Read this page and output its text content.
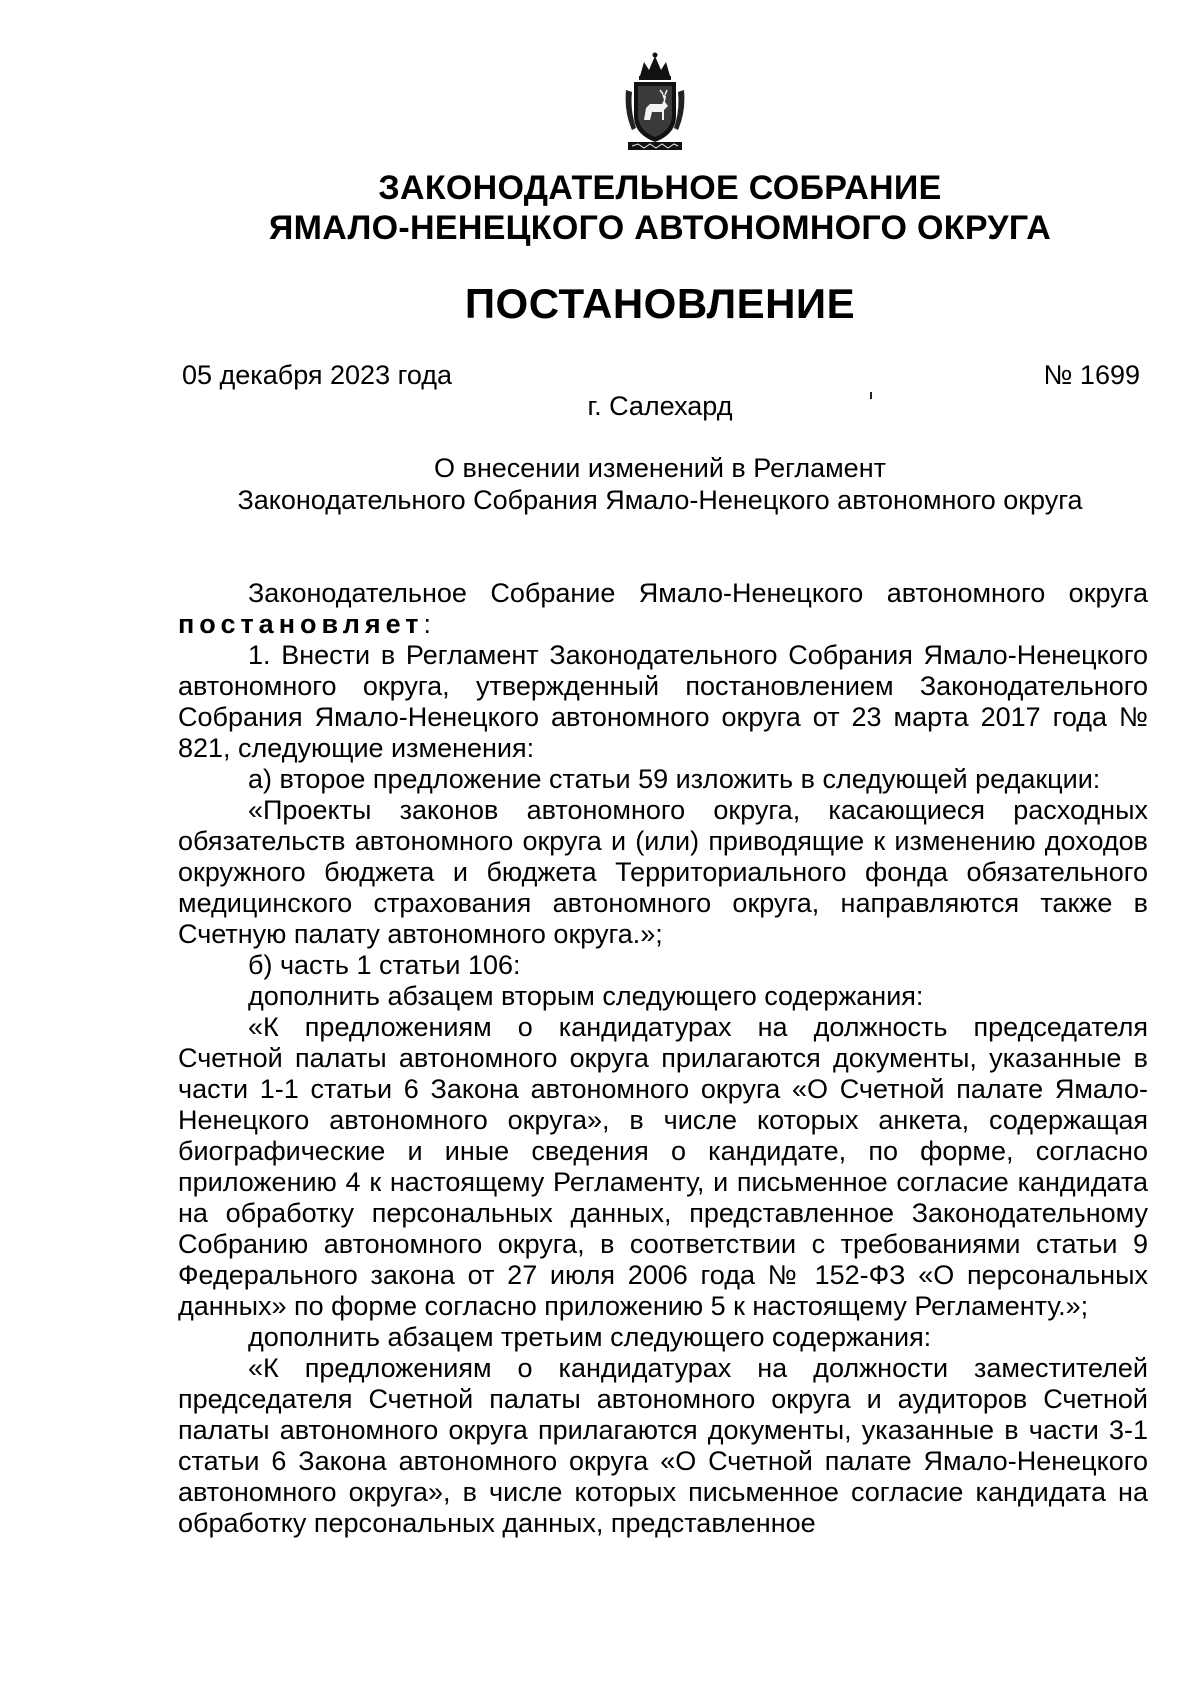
ЗАКОНОДАТЕЛЬНОЕ СОБРАНИЕ
ЯМАЛО-НЕНЕЦКОГО АВТОНОМНОГО ОКРУГА
ПОСТАНОВЛЕНИЕ
05 декабря 2023 года	№ 1699
г. Салехард
О внесении изменений в Регламент
Законодательного Собрания Ямало-Ненецкого автономного округа

Законодательное Собрание Ямало-Ненецкого автономного округа постановляет:

1. Внести в Регламент Законодательного Собрания Ямало-Ненецкого автономного округа, утвержденный постановлением Законодательного Собрания Ямало-Ненецкого автономного округа от 23 марта 2017 года № 821, следующие изменения:

а) второе предложение статьи 59 изложить в следующей редакции:

«Проекты законов автономного округа, касающиеся расходных обязательств автономного округа и (или) приводящие к изменению доходов окружного бюджета и бюджета Территориального фонда обязательного медицинского страхования автономного округа, направляются также в Счетную палату автономного округа.»;

б) часть 1 статьи 106:

дополнить абзацем вторым следующего содержания:

«К предложениям о кандидатурах на должность председателя Счетной палаты автономного округа прилагаются документы, указанные в части 1-1 статьи 6 Закона автономного округа «О Счетной палате Ямало-Ненецкого автономного округа», в числе которых анкета, содержащая биографические и иные сведения о кандидате, по форме, согласно приложению 4 к настоящему Регламенту, и письменное согласие кандидата на обработку персональных данных, представленное Законодательному Собранию автономного округа, в соответствии с требованиями статьи 9 Федерального закона от 27 июля 2006 года № 152-ФЗ «О персональных данных» по форме согласно приложению 5 к настоящему Регламенту.»;

дополнить абзацем третьим следующего содержания:

«К предложениям о кандидатурах на должности заместителей председателя Счетной палаты автономного округа и аудиторов Счетной палаты автономного округа прилагаются документы, указанные в части 3-1 статьи 6 Закона автономного округа «О Счетной палате Ямало-Ненецкого автономного округа», в числе которых письменное согласие кандидата на обработку персональных данных, представленное
